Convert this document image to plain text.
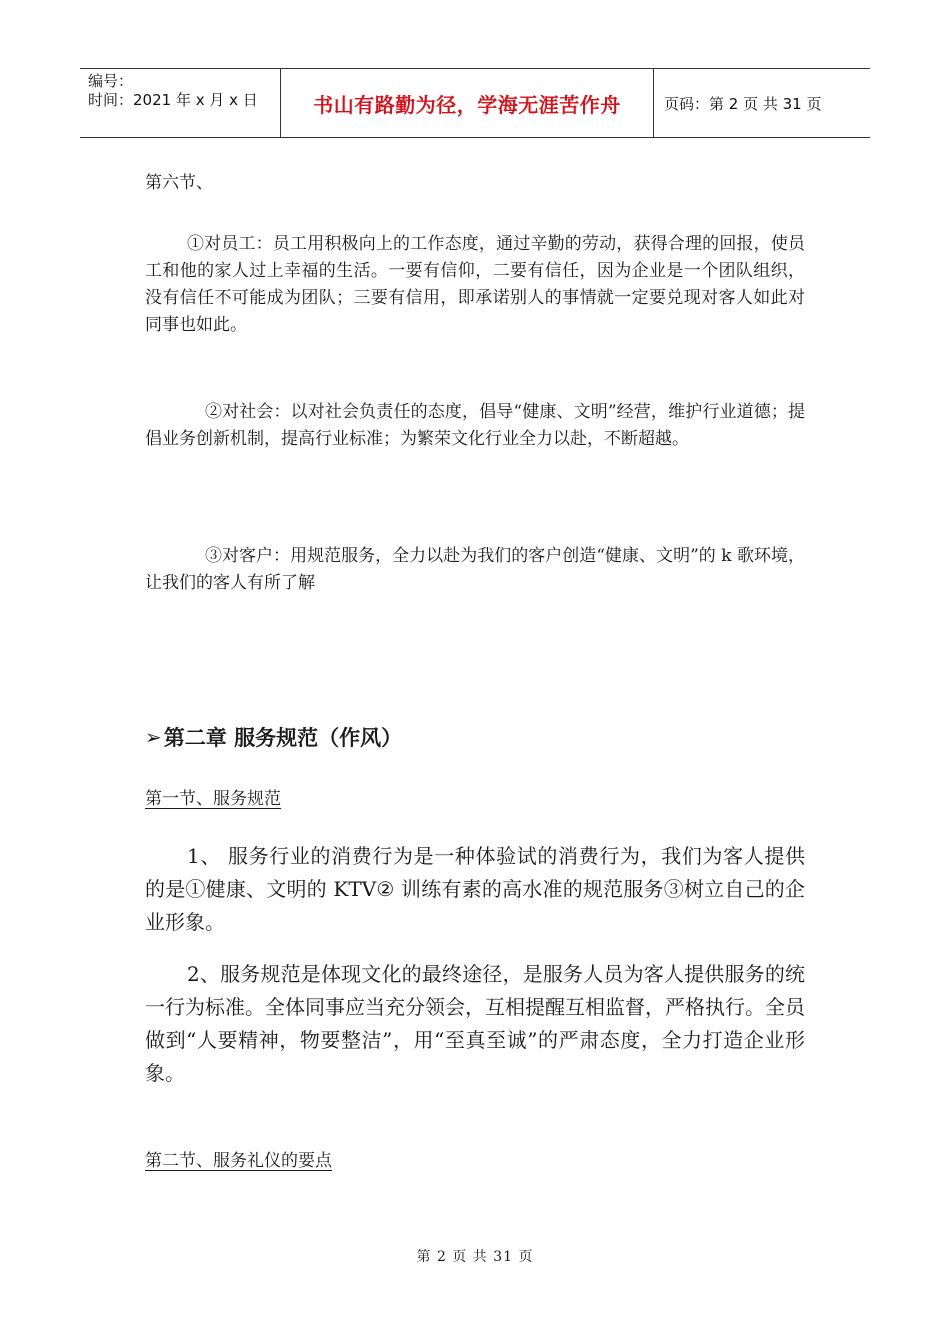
编号：
时间：2021 年 x 月 x 日	书山有路勤为径，学海无涯苦作舟	页码：第 2 页 共 31 页
第六节、

①对员工：员工用积极向上的工作态度，通过辛勤的劳动，获得合理的回报，使员工和他的家人过上幸福的生活。一要有信仰，二要有信任，因为企业是一个团队组织，没有信任不可能成为团队；三要有信用，即承诺别人的事情就一定要兑现对客人如此对同事也如此。

②对社会：以对社会负责任的态度，倡导“健康、文明”经营，维护行业道德；提倡业务创新机制，提高行业标准；为繁荣文化行业全力以赴，不断超越。

③对客户：用规范服务，全力以赴为我们的客户创造“健康、文明”的 k 歌环境，让我们的客人有所了解

➢ 第二章 服务规范（作风）
第一节、服务规范

1、 服务行业的消费行为是一种体验试的消费行为，我们为客人提供的是①健康、文明的 KTV② 训练有素的高水准的规范服务③树立自己的企业形象。

2、服务规范是体现文化的最终途径，是服务人员为客人提供服务的统一行为标准。全体同事应当充分领会，互相提醒互相监督，严格执行。全员做到“人要精神，物要整洁”，用“至真至诚”的严肃态度，全力打造企业形象。

第二节、服务礼仪的要点
第 2 页 共 31 页
